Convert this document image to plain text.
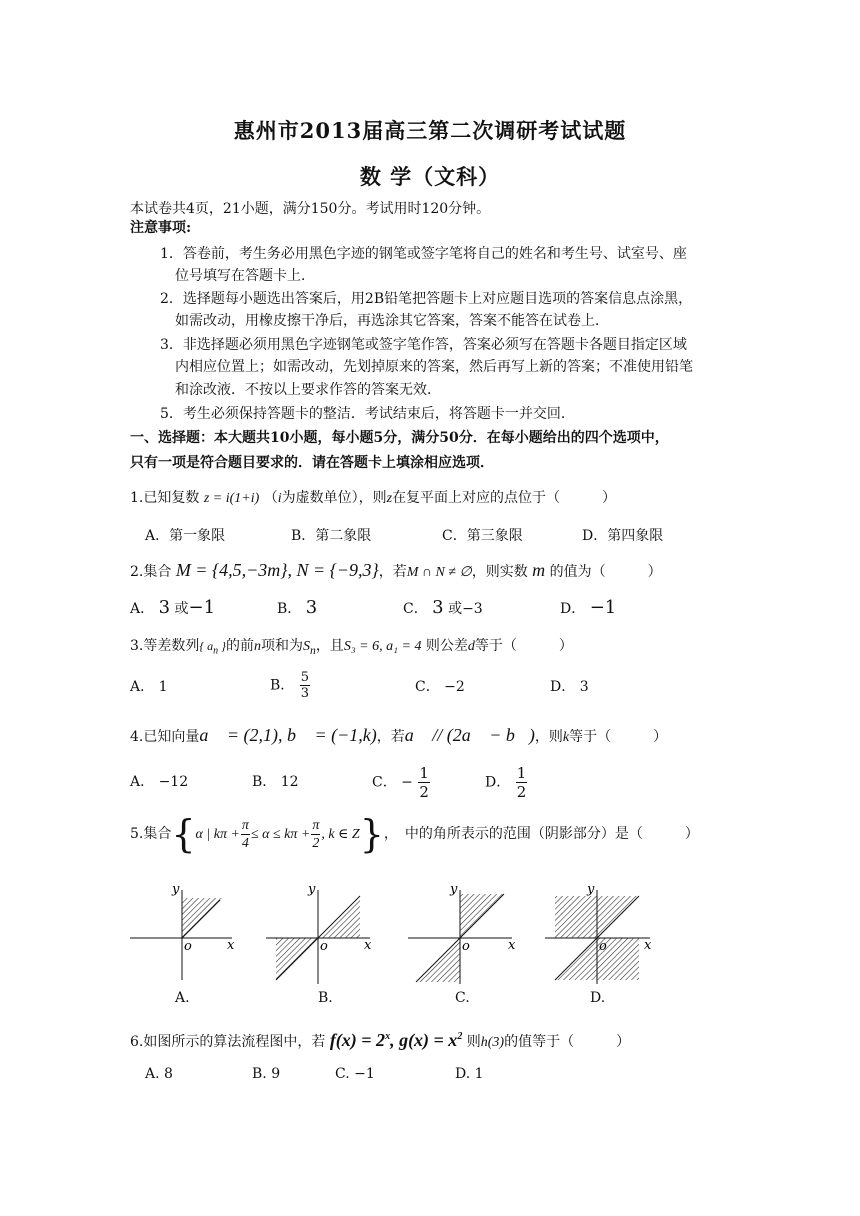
惠州市2013届高三第二次调研考试试题
数 学（文科）
本试卷共4页，21小题，满分150分。考试用时120分钟。
注意事项:
1．答卷前，考生务必用黑色字迹的钢笔或签字笔将自己的姓名和考生号、试室号、座
位号填写在答题卡上．
2．选择题每小题选出答案后，用2B铅笔把答题卡上对应题目选项的答案信息点涂黑，
如需改动，用橡皮擦干净后，再选涂其它答案，答案不能答在试卷上．
3．非选择题必须用黑色字迹钢笔或签字笔作答，答案必须写在答题卡各题目指定区域
内相应位置上；如需改动，先划掉原来的答案，然后再写上新的答案；不准使用铅笔
和涂改液．不按以上要求作答的答案无效．
5．考生必须保持答题卡的整洁．考试结束后，将答题卡一并交回．
一、选择题：本大题共10小题，每小题5分，满分50分．在每小题给出的四个选项中，
只有一项是符合题目要求的．请在答题卡上填涂相应选项．
1.已知复数 z = i(1+i) （i为虚数单位），则z在复平面上对应的点位于（　　　）
A．第一象限	B．第二象限	C．第三象限	D．第四象限
2.集合 M = {4,5,−3m}, N = {−9,3}，若M ∩ N ≠ ∅，则实数 m 的值为（　　　）
A． 3 或−1	B． 3	C． 3 或−3	D． −1
3.等差数列{ $a_n$ }的前n项和为$S_n$，且S₃ = 6, a₁ = 4 则公差d等于（　　　）
A． 1	B． $\frac{5}{3}$	C． −2	D． 3
4.已知向量a⃗ = (2,1), b⃗ = (−1,k)，若a⃗ // (2a⃗ − b⃗)，则k等于（　　　）
A． −12	B． 12	C． − $\frac{1}{2}$	D． $\frac{1}{2}$
5.集合{α | $k\pi + \frac{\pi}{4} \le \alpha \le k\pi + \frac{\pi}{2}$ , k ∈ Z}，　中的角所表示的范围（阴影部分）是（　　　）
x
y
o	x
y
o	x
y
o	x
y
o
A.	B.	C.	D.
6.如图所示的算法流程图中，若 $f(x) = 2^x$, $g(x) = x^2$ 则h(3)的值等于（　　　）
A. 8	B. 9	C. −1	D. 1
